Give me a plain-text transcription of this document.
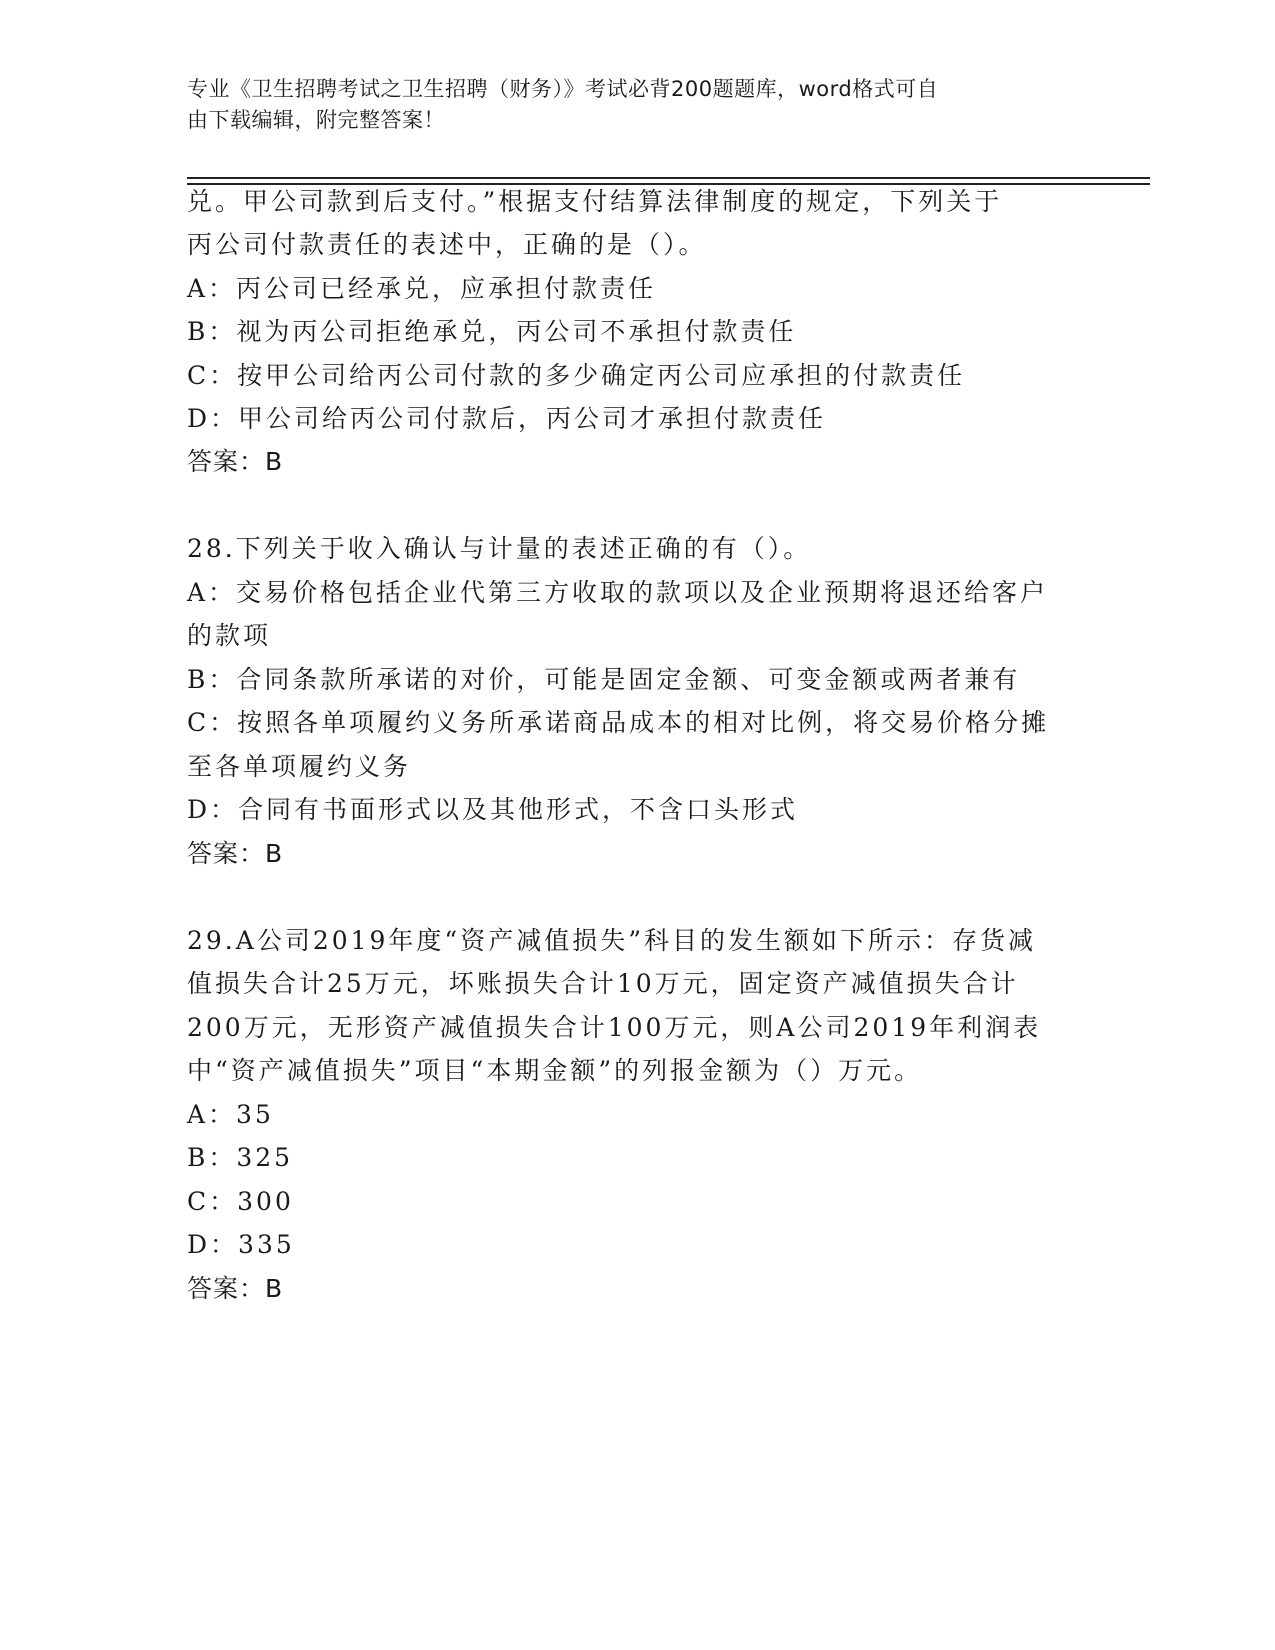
专业《卫生招聘考试之卫生招聘（财务）》考试必背200题题库，word格式可自
由下载编辑，附完整答案！
兑。甲公司款到后支付。”根据支付结算法律制度的规定，下列关于
丙公司付款责任的表述中，正确的是（）。
A：丙公司已经承兑，应承担付款责任
B：视为丙公司拒绝承兑，丙公司不承担付款责任
C：按甲公司给丙公司付款的多少确定丙公司应承担的付款责任
D：甲公司给丙公司付款后，丙公司才承担付款责任
答案：B
28.下列关于收入确认与计量的表述正确的有（）。
A：交易价格包括企业代第三方收取的款项以及企业预期将退还给客户
的款项
B：合同条款所承诺的对价，可能是固定金额、可变金额或两者兼有
C：按照各单项履约义务所承诺商品成本的相对比例，将交易价格分摊
至各单项履约义务
D：合同有书面形式以及其他形式，不含口头形式
答案：B
29.A公司2019年度“资产减值损失”科目的发生额如下所示：存货减
值损失合计25万元，坏账损失合计10万元，固定资产减值损失合计
200万元，无形资产减值损失合计100万元，则A公司2019年利润表
中“资产减值损失”项目“本期金额”的列报金额为（）万元。
A：35
B：325
C：300
D：335
答案：B
